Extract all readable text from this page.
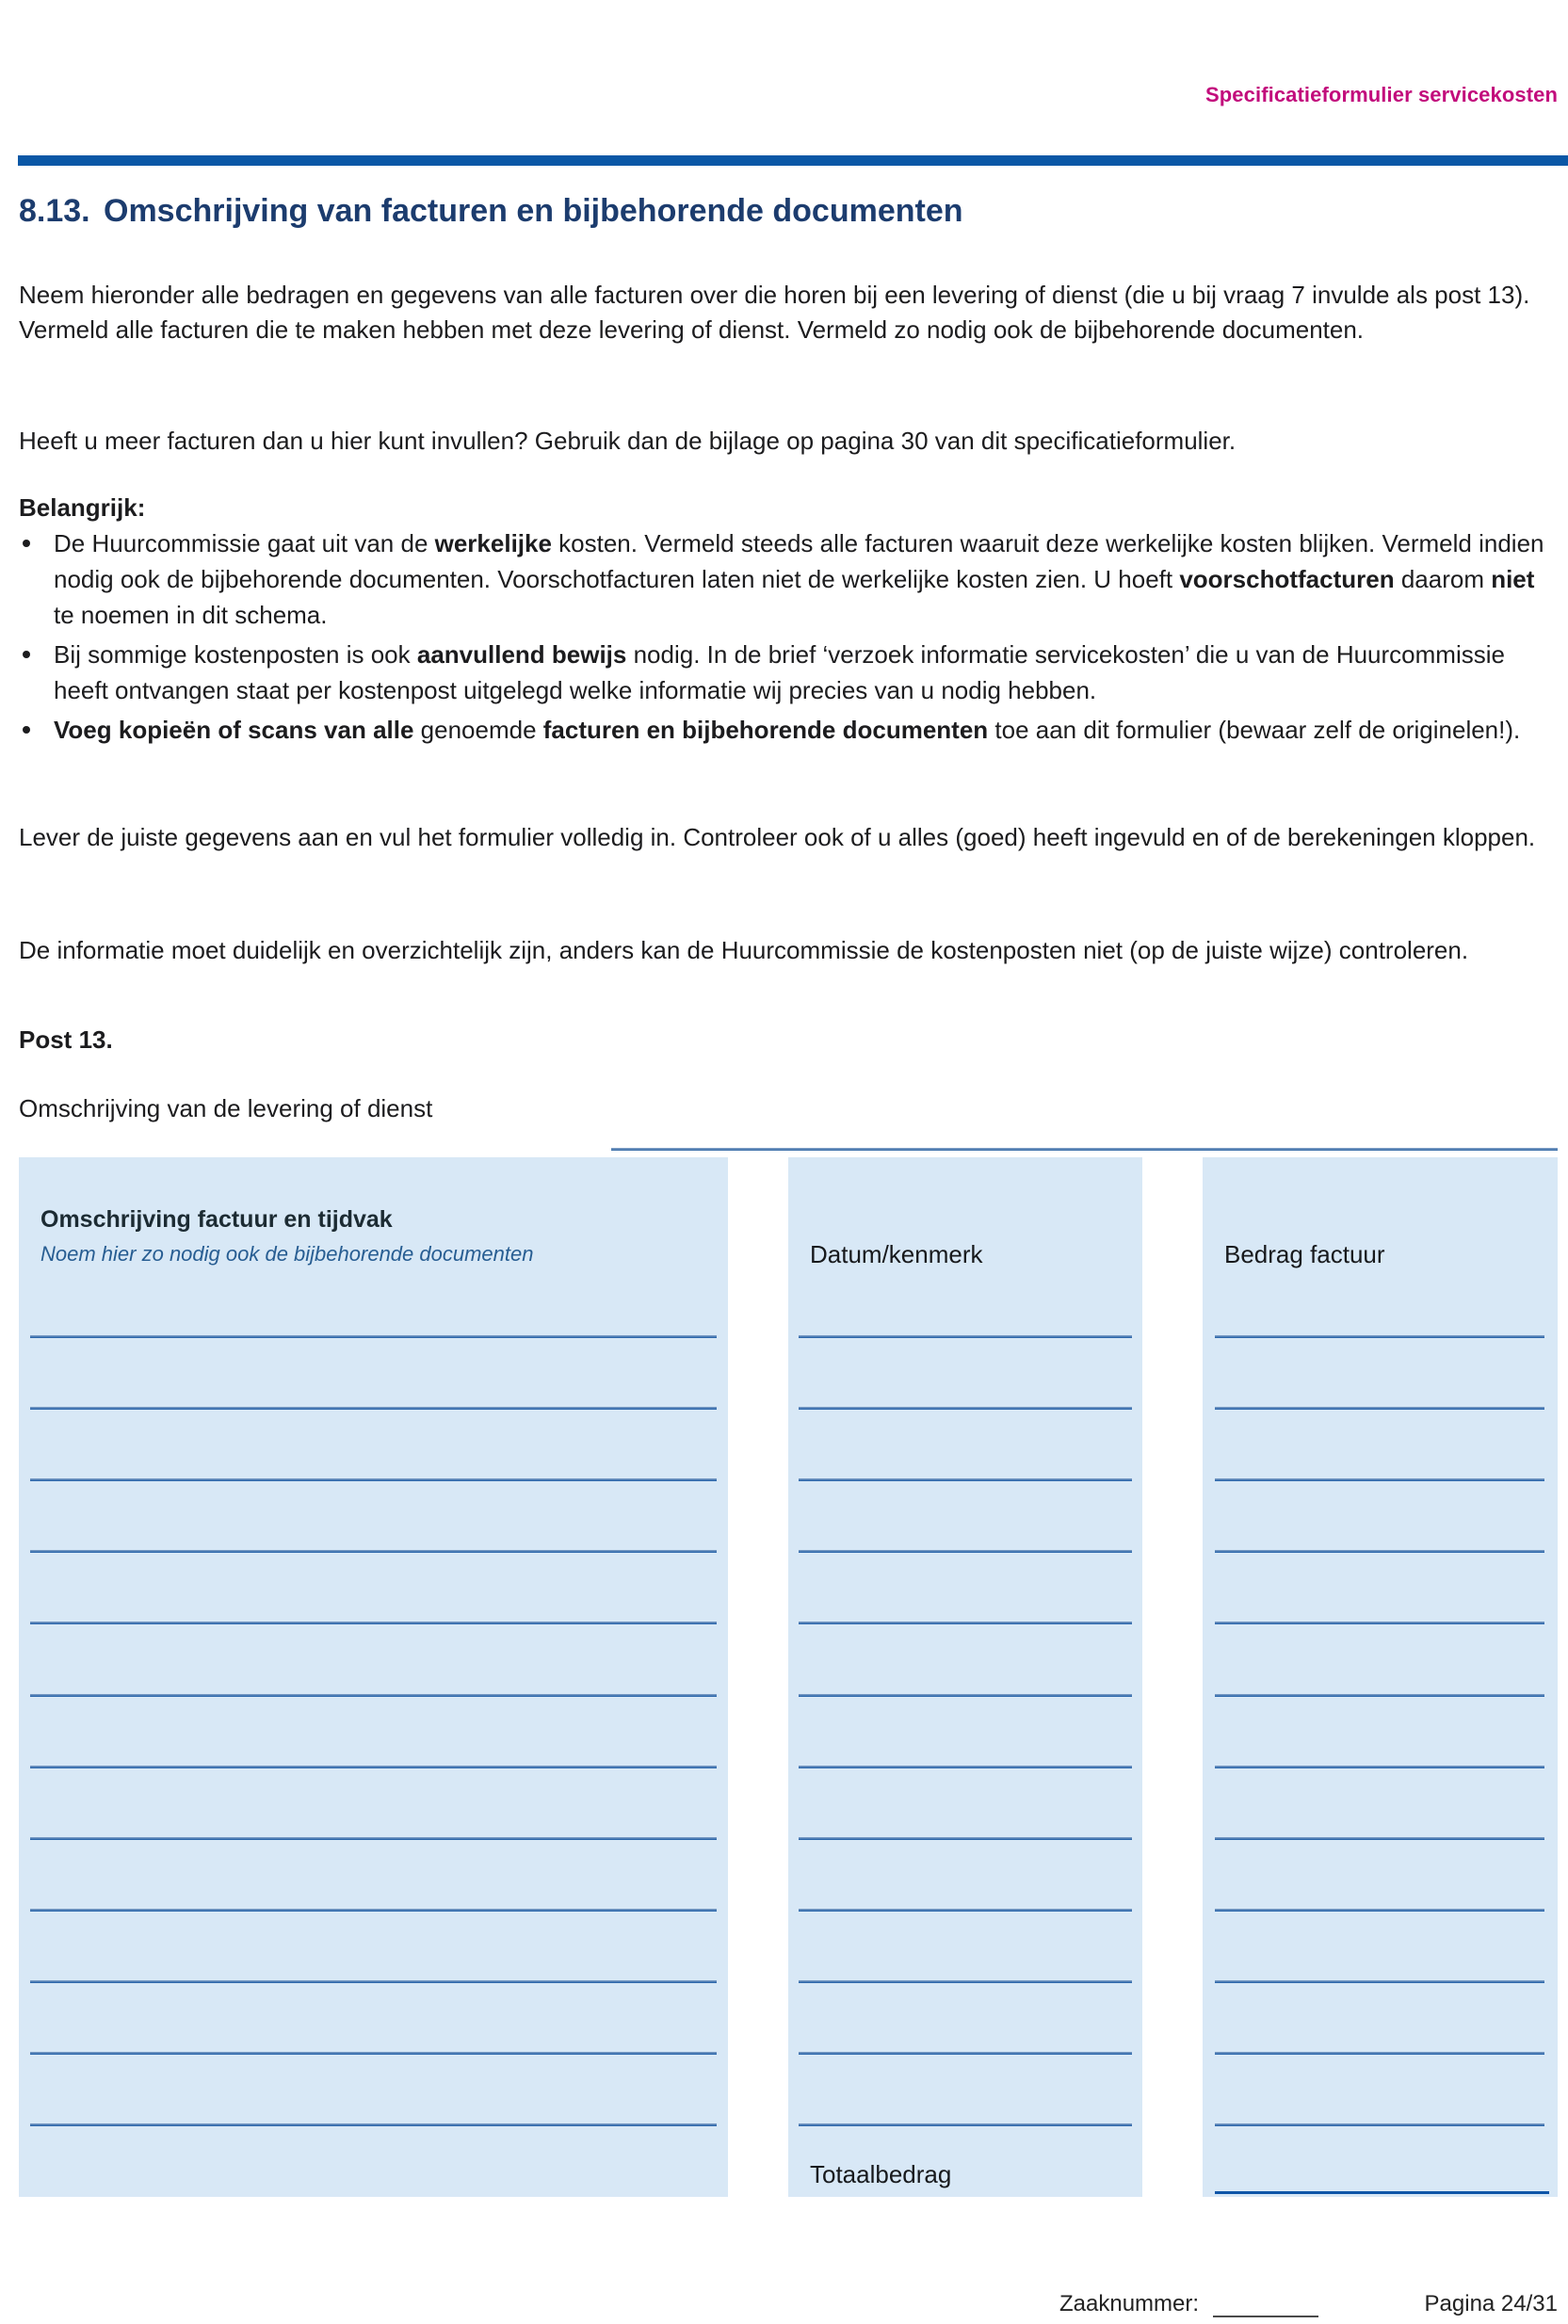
Specificatieformulier servicekosten
8.13. Omschrijving van facturen en bijbehorende documenten
Neem hieronder alle bedragen en gegevens van alle facturen over die horen bij een levering of dienst (die u bij vraag 7 invulde als post 13). Vermeld alle facturen die te maken hebben met deze levering of dienst. Vermeld zo nodig ook de bijbehorende documenten.
Heeft u meer facturen dan u hier kunt invullen? Gebruik dan de bijlage op pagina 30 van dit specificatieformulier.
Belangrijk:
De Huurcommissie gaat uit van de werkelijke kosten. Vermeld steeds alle facturen waaruit deze werkelijke kosten blijken. Vermeld indien nodig ook de bijbehorende documenten. Voorschotfacturen laten niet de werkelijke kosten zien. U hoeft voorschotfacturen daarom niet te noemen in dit schema.
Bij sommige kostenposten is ook aanvullend bewijs nodig. In de brief ‘verzoek informatie servicekosten’ die u van de Huurcommissie heeft ontvangen staat per kostenpost uitgelegd welke informatie wij precies van u nodig hebben.
Voeg kopieën of scans van alle genoemde facturen en bijbehorende documenten toe aan dit formulier (bewaar zelf de originelen!).
Lever de juiste gegevens aan en vul het formulier volledig in. Controleer ook of u alles (goed) heeft ingevuld en of de berekeningen kloppen.
De informatie moet duidelijk en overzichtelijk zijn, anders kan de Huurcommissie de kostenposten niet (op de juiste wijze) controleren.
Post 13.
Omschrijving van de levering of dienst
Omschrijving factuur en tijdvak
Noem hier zo nodig ook de bijbehorende documenten	Datum/kenmerk
Totaalbedrag
Bedrag factuur
Zaaknummer:	Pagina 24/31
